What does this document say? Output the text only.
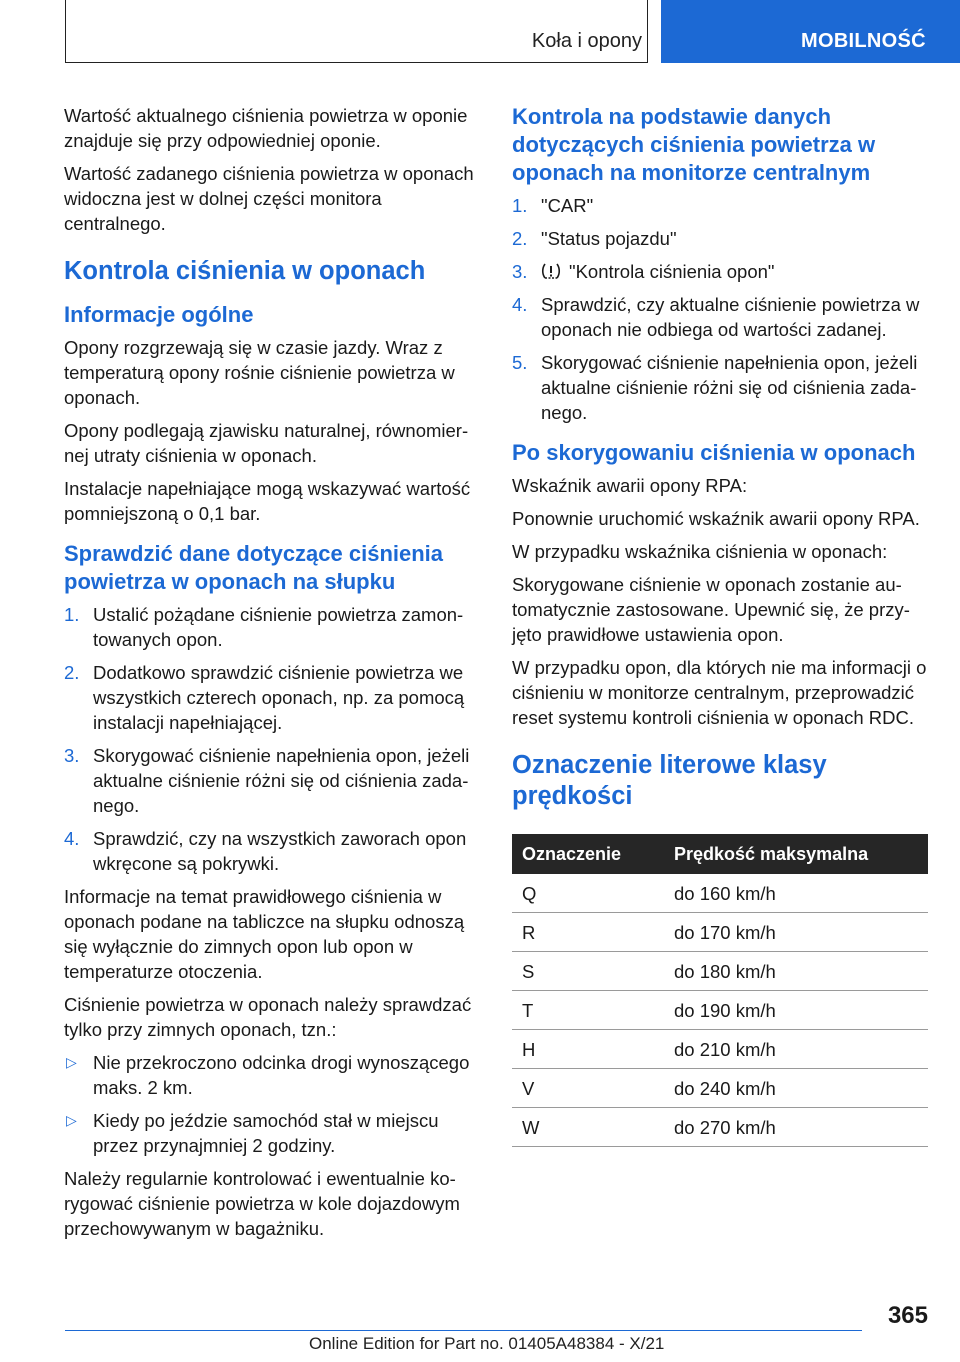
Koła i opony	MOBILNOŚĆ

Wartość aktualnego ciśnienia powietrza w oponie znajduje się przy odpowiedniej oponie.

Wartość zadanego ciśnienia powietrza w oponach widoczna jest w dolnej części monitora centralnego.

Kontrola ciśnienia w oponach
Informacje ogólne

Opony rozgrzewają się w czasie jazdy. Wraz z temperaturą opony rośnie ciśnienie powietrza w oponach.

Opony podlegają zjawisku naturalnej, równomiernej utraty ciśnienia w oponach.

Instalacje napełniające mogą wskazywać wartość pomniejszoną o 0,1 bar.

Sprawdzić dane dotyczące ciśnienia powietrza w oponach na słupku
1. Ustalić pożądane ciśnienie powietrza zamontowanych opon.
2. Dodatkowo sprawdzić ciśnienie powietrza we wszystkich czterech oponach, np. za pomocą instalacji napełniającej.
3. Skorygować ciśnienie napełnienia opon, jeżeli aktualne ciśnienie różni się od ciśnienia zadanego.
4. Sprawdzić, czy na wszystkich zaworach opon wkręcone są pokrywki.

Informacje na temat prawidłowego ciśnienia w oponach podane na tabliczce na słupku odnoszą się wyłącznie do zimnych opon lub opon w temperaturze otoczenia.

Ciśnienie powietrza w oponach należy sprawdzać tylko przy zimnych oponach, tzn.:

▷ Nie przekroczono odcinka drogi wynoszącego maks. 2 km.
▷ Kiedy po jeździe samochód stał w miejscu przez przynajmniej 2 godziny.

Należy regularnie kontrolować i ewentualnie korygować ciśnienie powietrza w kole dojazdowym przechowywanym w bagażniku.

Kontrola na podstawie danych dotyczących ciśnienia powietrza w oponach na monitorze centralnym
1. "CAR"
2. "Status pojazdu"
3. "Kontrola ciśnienia opon"
4. Sprawdzić, czy aktualne ciśnienie powietrza w oponach nie odbiega od wartości zadanej.
5. Skorygować ciśnienie napełnienia opon, jeżeli aktualne ciśnienie różni się od ciśnienia zadanego.
Po skorygowaniu ciśnienia w oponach

Wskaźnik awarii opony RPA:

Ponownie uruchomić wskaźnik awarii opony RPA.

W przypadku wskaźnika ciśnienia w oponach:

Skorygowane ciśnienie w oponach zostanie automatycznie zastosowane. Upewnić się, że przyjęto prawidłowe ustawienia opon.

W przypadku opon, dla których nie ma informacji o ciśnieniu w monitorze centralnym, przeprowadzić reset systemu kontroli ciśnienia w oponach RDC.

Oznaczenie literowe klasy prędkości
Oznaczenie	Prędkość maksymalna
Q	do 160 km/h
R	do 170 km/h
S	do 180 km/h
T	do 190 km/h
H	do 210 km/h
V	do 240 km/h
W	do 270 km/h
365
Online Edition for Part no. 01405A48384 - X/21
